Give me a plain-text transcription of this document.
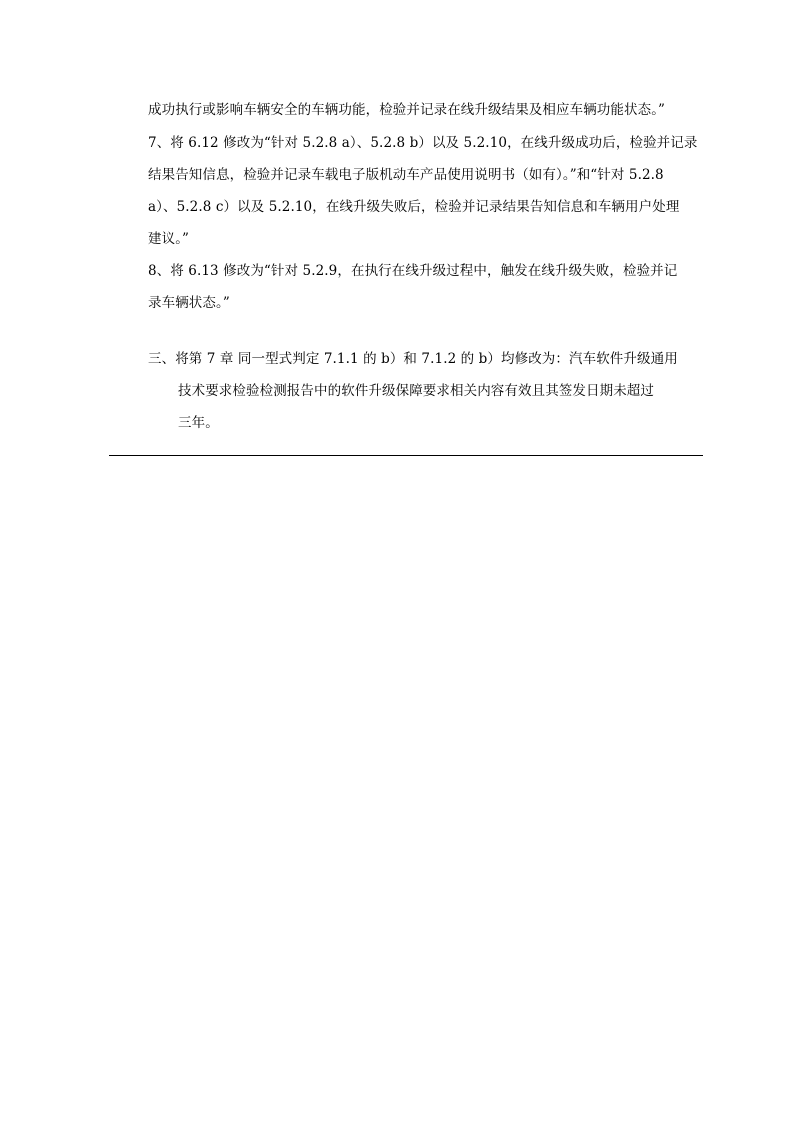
成功执行或影响车辆安全的车辆功能，检验并记录在线升级结果及相应车辆功能状态。”
7、将 6.12 修改为“针对 5.2.8 a）、5.2.8 b）以及 5.2.10，在线升级成功后，检验并记录
结果告知信息，检验并记录车载电子版机动车产品使用说明书（如有）。”和“针对 5.2.8
a）、5.2.8 c）以及 5.2.10，在线升级失败后，检验并记录结果告知信息和车辆用户处理
建议。”
8、将 6.13 修改为“针对 5.2.9，在执行在线升级过程中，触发在线升级失败，检验并记
录车辆状态。”
三、将第 7 章 同一型式判定 7.1.1 的 b）和 7.1.2 的 b）均修改为：汽车软件升级通用
技术要求检验检测报告中的软件升级保障要求相关内容有效且其签发日期未超过
三年。
